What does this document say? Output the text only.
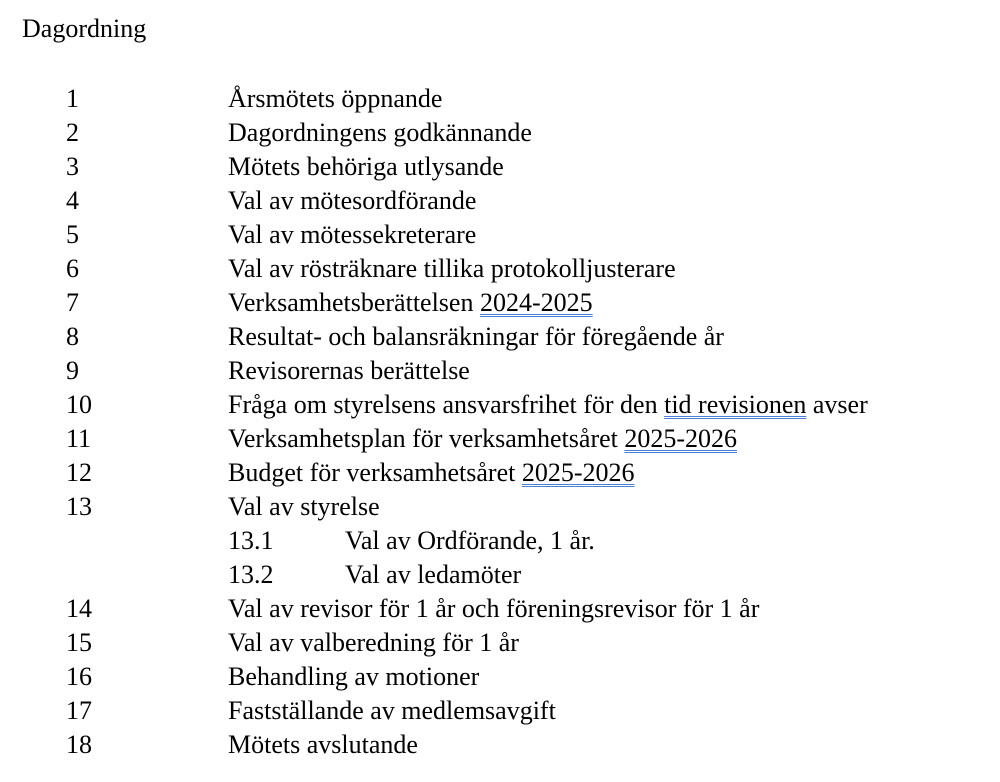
Dagordning
1	Årsmötets öppnande
2	Dagordningens godkännande
3	Mötets behöriga utlysande
4	Val av mötesordförande
5	Val av mötessekreterare
6	Val av rösträknare tillika protokolljusterare
7	Verksamhetsberättelsen 2024-2025
8	Resultat- och balansräkningar för föregående år
9	Revisorernas berättelse
10	Fråga om styrelsens ansvarsfrihet för den tid revisionen avser
11	Verksamhetsplan för verksamhetsåret 2025-2026
12	Budget för verksamhetsåret 2025-2026
13	Val av styrelse
13.1	Val av Ordförande, 1 år.
13.2	Val av ledamöter
14	Val av revisor för 1 år och föreningsrevisor för 1 år
15	Val av valberedning för 1 år
16	Behandling av motioner
17	Fastställande av medlemsavgift
18	Mötets avslutande
